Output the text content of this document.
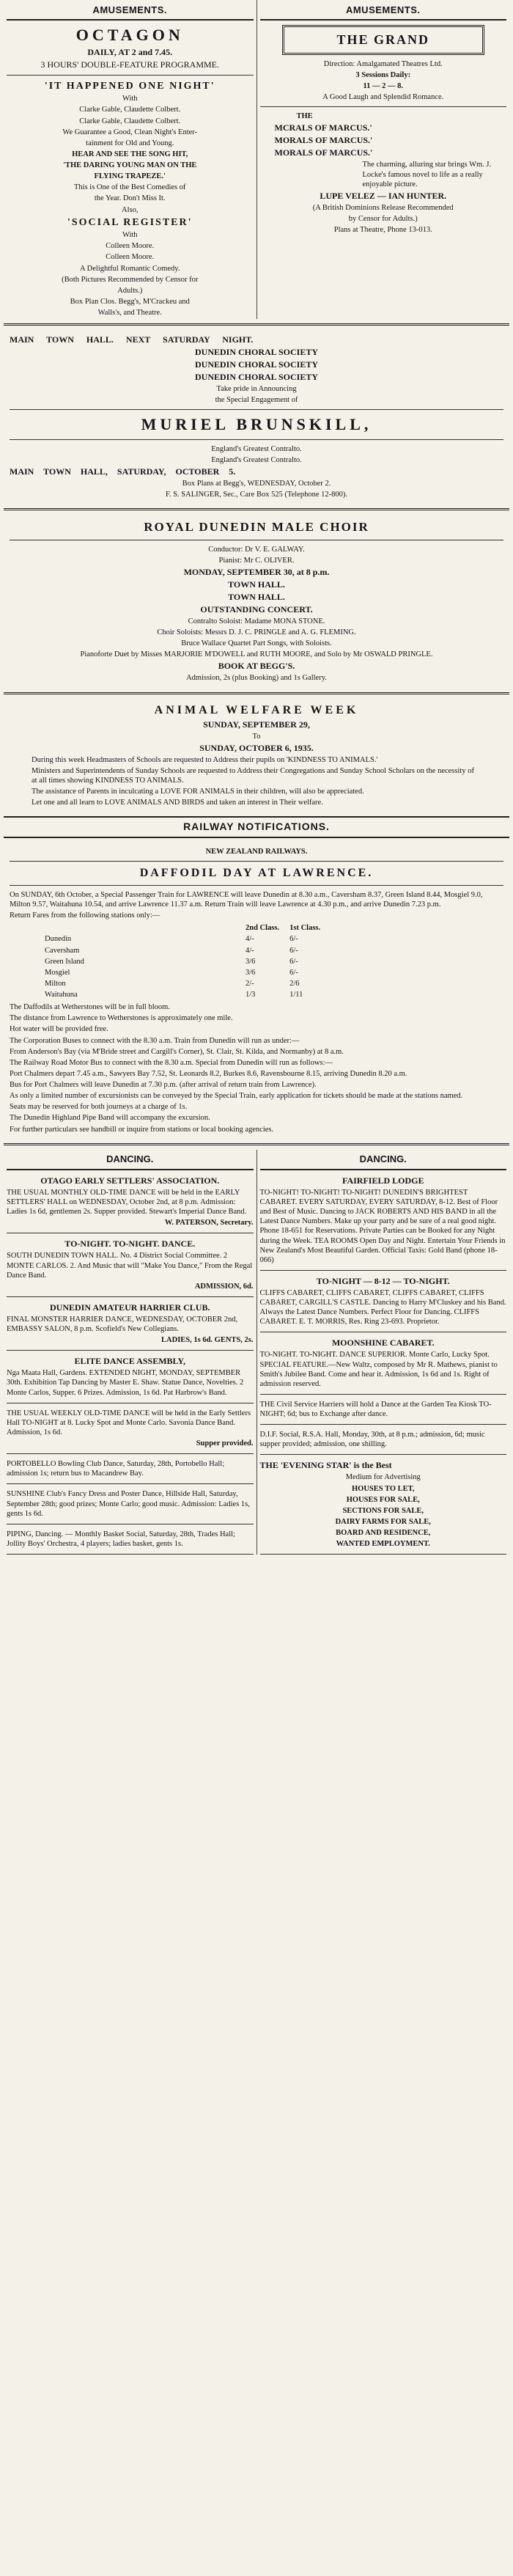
AMUSEMENTS.
OCTAGON

DAILY, AT 2 and 7.45.

3 HOURS' DOUBLE-FEATURE PROGRAMME.

'IT HAPPENED ONE NIGHT'

With

Clarke Gable, Claudette Colbert.

Clarke Gable, Claudette Colbert.

We Guarantee a Good, Clean Night's Enter-

tainment for Old and Young.

HEAR AND SEE THE SONG HIT,

'THE DARING YOUNG MAN ON THE

FLYING TRAPEZE.'

This is One of the Best Comedies of

the Year. Don't Miss It.

Also,

'SOCIAL REGISTER'

With

Colleen Moore.

Colleen Moore.

A Delightful Romantic Comedy.

(Both Pictures Recommended by Censor for

Adults.)

Box Plan Clos. Begg's, M'Crackeu and

Walls's, and Theatre.

AMUSEMENTS.
THE GRAND

Direction: Amalgamated Theatres Ltd.

3 Sessions Daily:

11 — 2 — 8.

A Good Laugh and Splendid Romance.

THE

MCRALS OF MARCUS.'

MORALS OF MARCUS.'

MORALS OF MARCUS.'

The charming, alluring star brings Wm. J. Locke's famous novel to life as a really enjoyable picture.

LUPE VELEZ — IAN HUNTER.

(A British Dominions Release Recommended

by Censor for Adults.)

Plans at Theatre, Phone 13-013.

MAIN TOWN HALL. NEXT SATURDAY NIGHT.

DUNEDIN CHORAL SOCIETY

DUNEDIN CHORAL SOCIETY

DUNEDIN CHORAL SOCIETY

Take pride in Announcing

the Special Engagement of

MURIEL BRUNSKILL,

England's Greatest Contralto.

England's Greatest Contralto.

MAIN TOWN HALL, SATURDAY, OCTOBER 5.

Box Plans at Begg's, WEDNESDAY, October 2.

F. S. SALINGER, Sec., Care Box 525 (Telephone 12-800).

ROYAL DUNEDIN MALE CHOIR

Conductor: Dr V. E. GALWAY.

Pianist: Mr C. OLIVER.

MONDAY, SEPTEMBER 30, at 8 p.m.

TOWN HALL.

TOWN HALL.

OUTSTANDING CONCERT.

Contralto Soloist: Madame MONA STONE.

Choir Soloists: Messrs D. J. C. PRINGLE and A. G. FLEMING.

Bruce Wallace Quartet Part Songs, with Soloists.

Pianoforte Duet by Misses MARJORIE M'DOWELL and RUTH MOORE, and Solo by Mr OSWALD PRINGLE.

BOOK AT BEGG'S.

Admission, 2s (plus Booking) and 1s Gallery.

ANIMAL WELFARE WEEK

SUNDAY, SEPTEMBER 29,

To

SUNDAY, OCTOBER 6, 1935.

During this week Headmasters of Schools are requested to Address their pupils on 'KINDNESS TO ANIMALS.'

Ministers and Superintendents of Sunday Schools are requested to Address their Congregations and Sunday School Scholars on the necessity of at all times showing KINDNESS TO ANIMALS.

The assistance of Parents in inculcating a LOVE FOR ANIMALS in their children, will also be appreciated.

Let one and all learn to LOVE ANIMALS AND BIRDS and taken an interest in Their welfare.

RAILWAY NOTIFICATIONS.

NEW ZEALAND RAILWAYS.

DAFFODIL DAY AT LAWRENCE.

On SUNDAY, 6th October, a Special Passenger Train for LAWRENCE will leave Dunedin at 8.30 a.m., Caversham 8.37, Green Island 8.44, Mosgiel 9.0, Milton 9.57, Waitahuna 10.54, and arrive Lawrence 11.37 a.m. Return Train will leave Lawrence at 4.30 p.m., and arrive Dunedin 7.23 p.m.

Return Fares from the following stations only:—

	2nd Class.	1st Class.
Dunedin	4/-	6/-
Caversham	4/-	6/-
Green Island	3/6	6/-
Mosgiel	3/6	6/-
Milton	2/-	2/6
Waitahuna	1/3	1/11

The Daffodils at Wetherstones will be in full bloom.

The distance from Lawrence to Wetherstones is approximately one mile.

Hot water will be provided free.

The Corporation Buses to connect with the 8.30 a.m. Train from Dunedin will run as under:—

From Anderson's Bay (via M'Bride street and Cargill's Corner), St. Clair, St. Kilda, and Normanby) at 8 a.m.

The Railway Road Motor Bus to connect with the 8.30 a.m. Special from Dunedin will run as follows:—

Port Chalmers depart 7.45 a.m., Sawyers Bay 7.52, St. Leonards 8.2, Burkes 8.6, Ravensbourne 8.15, arriving Dunedin 8.20 a.m.

Bus for Port Chalmers will leave Dunedin at 7.30 p.m. (after arrival of return train from Lawrence).

As only a limited number of excursionists can be conveyed by the Special Train, early application for tickets should be made at the stations named.

Seats may be reserved for both journeys at a charge of 1s.

The Dunedin Highland Pipe Band will accompany the excursion.

For further particulars see handbill or inquire from stations or local booking agencies.

DANCING.

OTAGO EARLY SETTLERS' ASSOCIATION.

THE USUAL MONTHLY OLD-TIME DANCE will be held in the EARLY SETTLERS' HALL on WEDNESDAY, October 2nd, at 8 p.m. Admission: Ladies 1s 6d, gentlemen 2s. Supper provided. Stewart's Imperial Dance Band.

W. PATERSON, Secretary.

TO-NIGHT. TO-NIGHT. DANCE.

SOUTH DUNEDIN TOWN HALL. No. 4 District Social Committee. 2 MONTE CARLOS. 2. And Music that will "Make You Dance," From the Regal Dance Band.

ADMISSION, 6d.

DUNEDIN AMATEUR HARRIER CLUB.

FINAL MONSTER HARRIER DANCE, WEDNESDAY, OCTOBER 2nd, EMBASSY SALON, 8 p.m. Scofield's New Collegians.

LADIES, 1s 6d. GENTS, 2s.

ELITE DANCE ASSEMBLY,

Nga Maata Hall, Gardens. EXTENDED NIGHT, MONDAY, SEPTEMBER 30th. Exhibition Tap Dancing by Master E. Shaw. Statue Dance, Novelties. 2 Monte Carlos, Supper. 6 Prizes. Admission, 1s 6d. Pat Harbrow's Band.

THE USUAL WEEKLY OLD-TIME DANCE will be held in the Early Settlers Hall TO-NIGHT at 8. Lucky Spot and Monte Carlo. Savonia Dance Band. Admission, 1s 6d.

Supper provided.

PORTOBELLO Bowling Club Dance, Saturday, 28th, Portobello Hall; admission 1s; return bus to Macandrew Bay.

SUNSHINE Club's Fancy Dress and Poster Dance, Hillside Hall, Saturday, September 28th; good prizes; Monte Carlo; good music. Admission: Ladies 1s, gents 1s 6d.

PIPING, Dancing. — Monthly Basket Social, Saturday, 28th, Trades Hall; Jollity Boys' Orchestra, 4 players; ladies basket, gents 1s.

DANCING.

FAIRFIELD LODGE

TO-NIGHT! TO-NIGHT! TO-NIGHT! DUNEDIN'S BRIGHTEST CABARET. EVERY SATURDAY, EVERY SATURDAY, 8-12. Best of Floor and Best of Music. Dancing to JACK ROBERTS AND HIS BAND in all the Latest Dance Numbers. Make up your party and be sure of a real good night. Phone 18-651 for Reservations. Private Parties can be Booked for any Night during the Week. TEA ROOMS Open Day and Night. Entertain Your Friends in New Zealand's Most Beautiful Garden. Official Taxis: Gold Band (phone 18-066)

TO-NIGHT — 8-12 — TO-NIGHT.

CLIFFS CABARET, CLIFFS CABARET, CLIFFS CABARET, CLIFFS CABARET, CARGILL'S CASTLE. Dancing to Harry M'Cluskey and his Band. Always the Latest Dance Numbers. Perfect Floor for Dancing. CLIFFS CABARET. E. T. MORRIS, Res. Ring 23-693. Proprietor.

MOONSHINE CABARET.

TO-NIGHT. TO-NIGHT. DANCE SUPERIOR. Monte Carlo, Lucky Spot. SPECIAL FEATURE.—New Waltz, composed by Mr R. Mathews, pianist to Smith's Jubilee Band. Come and hear it. Admission, 1s 6d and 1s. Right of admission reserved.

THE Civil Service Harriers will hold a Dance at the Garden Tea Kiosk TO-NIGHT; 6d; bus to Exchange after dance.

D.I.F. Social, R.S.A. Hall, Monday, 30th, at 8 p.m.; admission, 6d; music supper provided; admission, one shilling.

THE 'EVENING STAR' is the Best

Medium for Advertising

HOUSES TO LET,

HOUSES FOR SALE,

SECTIONS FOR SALE,

DAIRY FARMS FOR SALE,

BOARD AND RESIDENCE,

WANTED EMPLOYMENT.
